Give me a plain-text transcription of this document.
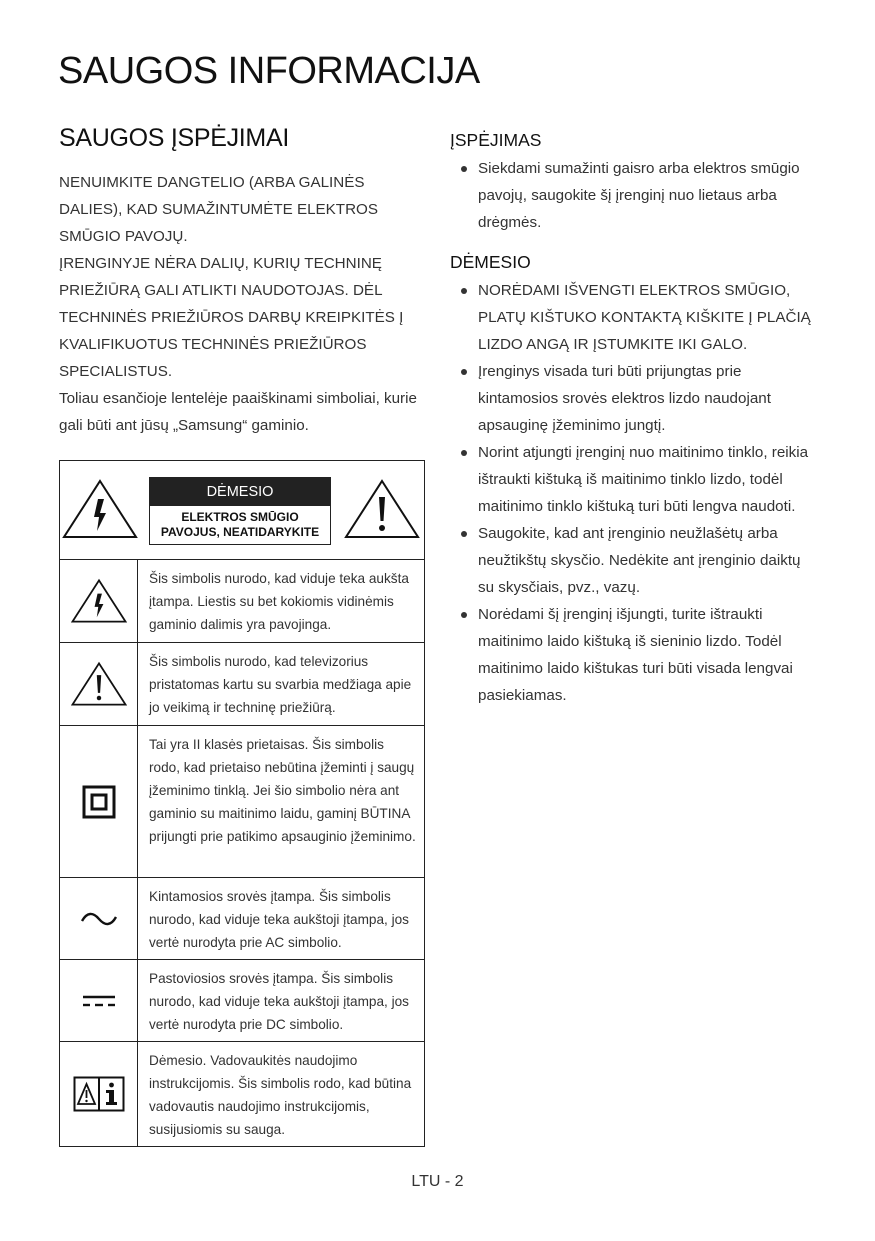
SAUGOS INFORMACIJA
SAUGOS ĮSPĖJIMAI

NENUIMKITE DANGTELIO (ARBA GALINĖS DALIES), KAD SUMAŽINTUMĖTE ELEKTROS SMŪGIO PAVOJŲ.

ĮRENGINYJE NĖRA DALIŲ, KURIŲ TECHNINĘ PRIEŽIŪRĄ GALI ATLIKTI NAUDOTOJAS. DĖL TECHNINĖS PRIEŽIŪROS DARBŲ KREIPKITĖS Į KVALIFIKUOTUS TECHNINĖS PRIEŽIŪROS SPECIALISTUS.

Toliau esančioje lentelėje paaiškinami simboliai, kurie gali būti ant jūsų „Samsung“ gaminio.

DĖMESIO
ELEKTROS SMŪGIO
PAVOJUS, NEATIDARYKITE
Šis simbolis nurodo, kad viduje teka aukšta įtampa. Liestis su bet kokiomis vidinėmis gaminio dalimis yra pavojinga.
Šis simbolis nurodo, kad televizorius pristatomas kartu su svarbia medžiaga apie jo veikimą ir techninę priežiūrą.
Tai yra II klasės prietaisas. Šis simbolis rodo, kad prietaiso nebūtina įžeminti į saugų įžeminimo tinklą. Jei šio simbolio nėra ant gaminio su maitinimo laidu, gaminį BŪTINA prijungti prie patikimo apsauginio įžeminimo.
Kintamosios srovės įtampa. Šis simbolis nurodo, kad viduje teka aukštoji įtampa, jos vertė nurodyta prie AC simbolio.
Pastoviosios srovės įtampa. Šis simbolis nurodo, kad viduje teka aukštoji įtampa, jos vertė nurodyta prie DC simbolio.
Dėmesio. Vadovaukitės naudojimo instrukcijomis. Šis simbolis rodo, kad būtina vadovautis naudojimo instrukcijomis, susijusiomis su sauga.
ĮSPĖJIMAS
Siekdami sumažinti gaisro arba elektros smūgio pavojų, saugokite šį įrenginį nuo lietaus arba drėgmės.
DĖMESIO
NORĖDAMI IŠVENGTI ELEKTROS SMŪGIO, PLATŲ KIŠTUKO KONTAKTĄ KIŠKITE Į PLAČIĄ LIZDO ANGĄ IR ĮSTUMKITE IKI GALO.
Įrenginys visada turi būti prijungtas prie kintamosios srovės elektros lizdo naudojant apsauginę įžeminimo jungtį.
Norint atjungti įrenginį nuo maitinimo tinklo, reikia ištraukti kištuką iš maitinimo tinklo lizdo, todėl maitinimo tinklo kištuką turi būti lengva naudoti.
Saugokite, kad ant įrenginio neužlašėtų arba neužtikštų skysčio. Nedėkite ant įrenginio daiktų su skysčiais, pvz., vazų.
Norėdami šį įrenginį išjungti, turite ištraukti maitinimo laido kištuką iš sieninio lizdo. Todėl maitinimo laido kištukas turi būti visada lengvai pasiekiamas.
LTU - 2
